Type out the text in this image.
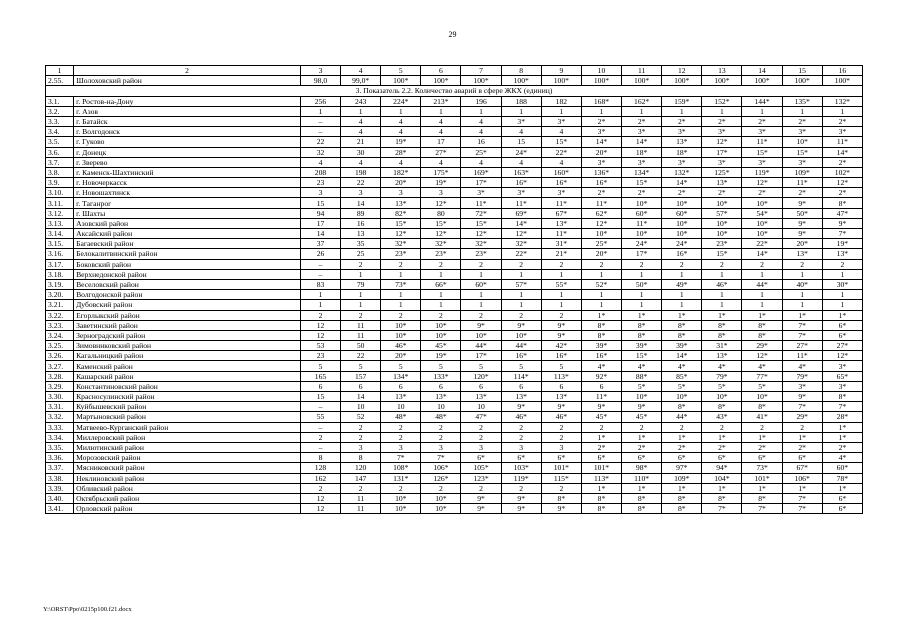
29
1	2	3	4	5	6	7	8	9	10	11	12	13	14	15	16
2.55.	Шолоховский район	98,0	99,0*	100*	100*	100*	100*	100*	100*	100*	100*	100*	100*	100*	100*
3. Показатель 2.2. Количество аварий в сфере ЖКХ (единиц)															
3.1.	г. Ростов-на-Дону	256	243	224*	213*	196	188	182	168*	162*	159*	152*	144*	135*	132*
3.2.	г. Азов	1	1	1	1	1	1	1	1	1	1	1	1	1	1
3.3.	г. Батайск	–	4	4	4	4	3*	3*	2*	2*	2*	2*	2*	2*	2*
3.4.	г. Волгодонск	–	4	4	4	4	4	4	3*	3*	3*	3*	3*	3*	3*
3.5.	г. Гуково	22	21	19*	17	16	15	15*	14*	14*	13*	12*	11*	10*	11*
3.6.	г. Донецк	32	30	28*	27*	25*	24*	22*	20*	18*	18*	17*	15*	15*	14*
3.7.	г. Зверево	4	4	4	4	4	4	4	3*	3*	3*	3*	3*	3*	2*
3.8.	г. Каменск-Шахтинский	208	198	182*	175*	169*	163*	160*	136*	134*	132*	125*	119*	109*	102*
3.9.	г. Новочеркасск	23	22	20*	19*	17*	16*	16*	16*	15*	14*	13*	12*	11*	12*
3.10.	г. Новошахтинск	3	3	3	3	3*	3*	3*	2*	2*	2*	2*	2*	2*	2*
3.11.	г. Таганрог	15	14	13*	12*	11*	11*	11*	11*	10*	10*	10*	10*	9*	8*
3.12.	г. Шахты	94	89	82*	80	72*	69*	67*	62*	60*	60*	57*	54*	50*	47*
3.13.	Азовский район	17	16	15*	15*	15*	14*	13*	12*	11*	10*	10*	10*	9*	9*
3.14.	Аксайский район	14	13	12*	12*	12*	12*	11*	10*	10*	10*	10*	10*	9*	7*
3.15.	Багаевский район	37	35	32*	32*	32*	32*	31*	25*	24*	24*	23*	22*	20*	19*
3.16.	Белокалитвинский район	26	25	23*	23*	23*	22*	21*	20*	17*	16*	15*	14*	13*	13*
3.17.	Боковский район	–	2	2	2	2	2	2	2	2	2	2	2	2	2
3.18.	Верхнедонской район	–	1	1	1	1	1	1	1	1	1	1	1	1	1
3.19.	Веселовский район	83	79	73*	66*	60*	57*	55*	52*	50*	49*	46*	44*	40*	30*
3.20.	Волгодонской район	1	1	1	1	1	1	1	1	1	1	1	1	1	1
3.21.	Дубовский район	1	1	1	1	1	1	1	1	1	1	1	1	1	1
3.22.	Егорлыкский район	2	2	2	2	2	2	2	1*	1*	1*	1*	1*	1*	1*
3.23.	Заветинский район	12	11	10*	10*	9*	9*	9*	8*	8*	8*	8*	8*	7*	6*
3.24.	Зерноградский район	12	11	10*	10*	10*	10*	9*	8*	8*	8*	8*	8*	7*	6*
3.25.	Зимовниковский район	53	50	46*	45*	44*	44*	42*	39*	39*	39*	31*	29*	27*	27*
3.26.	Кагальницкий район	23	22	20*	19*	17*	16*	16*	16*	15*	14*	13*	12*	11*	12*
3.27.	Каменский район	5	5	5	5	5	5	5	4*	4*	4*	4*	4*	4*	3*
3.28.	Кашарский район	165	157	134*	133*	120*	114*	113*	92*	88*	85*	79*	77*	79*	65*
3.29.	Константиновский район	6	6	6	6	6	6	6	6	5*	5*	5*	5*	3*	3*
3.30.	Красносулинский район	15	14	13*	13*	13*	13*	13*	11*	10*	10*	10*	10*	9*	8*
3.31.	Куйбышевский район	–	10	10	10	10	9*	9*	9*	9*	8*	8*	8*	7*	7*
3.32.	Мартыновский район	55	52	48*	48*	47*	46*	46*	45*	45*	44*	43*	41*	29*	28*
3.33.	Матвеево-Курганский район	–	2	2	2	2	2	2	2	2	2	2	2	2	1*
3.34.	Миллеровский район	2	2	2	2	2	2	2	1*	1*	1*	1*	1*	1*	1*
3.35.	Милютинский район	–	3	3	3	3	3	3	2*	2*	2*	2*	2*	2*	2*
3.36.	Морозовский район	8	8	7*	7*	6*	6*	6*	6*	6*	6*	6*	6*	6*	4*
3.37.	Мясниковский район	128	120	108*	106*	105*	103*	101*	101*	98*	97*	94*	73*	67*	60*
3.38.	Неклиновский район	162	147	131*	126*	123*	119*	115*	113*	110*	109*	104*	101*	106*	78*
3.39.	Обливский район	2	2	2	2	2	2	2	1*	1*	1*	1*	1*	1*	1*
3.40.	Октябрьский район	12	11	10*	10*	9*	9*	8*	8*	8*	8*	8*	8*	7*	6*
3.41.	Орловский район	12	11	10*	10*	9*	9*	9*	8*	8*	8*	7*	7*	7*	6*
Y:\ORST\Ppo\0215p100.f21.docx
